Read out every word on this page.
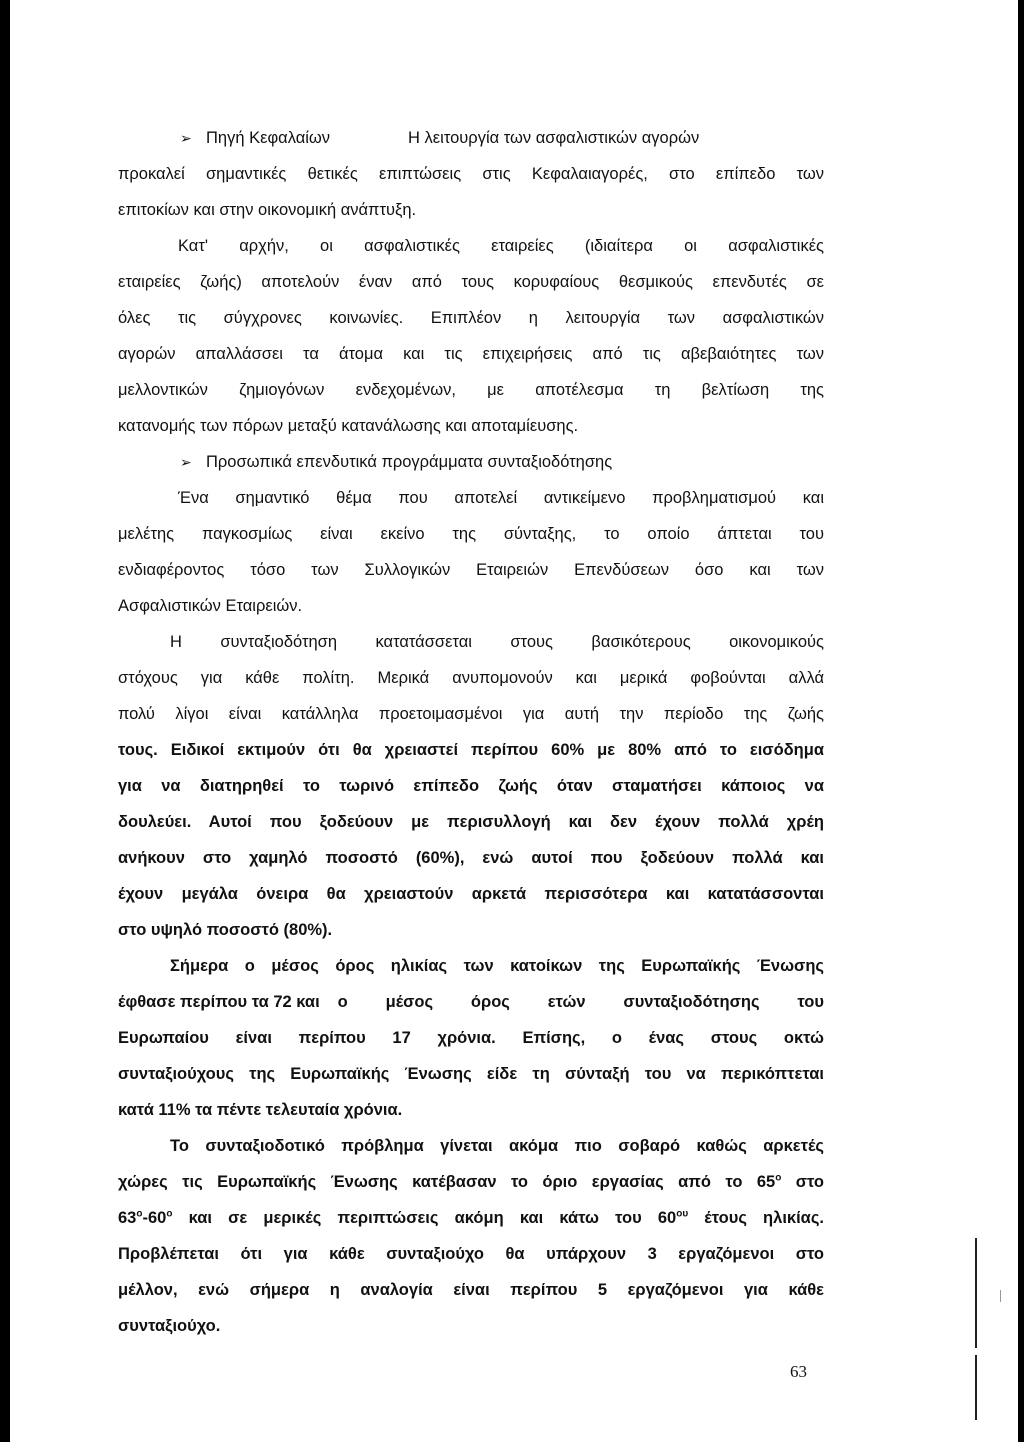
➢ Πηγή Κεφαλαίων	Η λειτουργία των ασφαλιστικών αγορών
προκαλεί σημαντικές θετικές επιπτώσεις στις Κεφαλαιαγορές, στο επίπεδο των
επιτοκίων και στην οικονομική ανάπτυξη.
Κατ' αρχήν, οι ασφαλιστικές εταιρείες (ιδιαίτερα οι ασφαλιστικές
εταιρείες ζωής) αποτελούν έναν από τους κορυφαίους θεσμικούς επενδυτές σε
όλες τις σύγχρονες κοινωνίες. Επιπλέον η λειτουργία των ασφαλιστικών
αγορών απαλλάσσει τα άτομα και τις επιχειρήσεις από τις αβεβαιότητες των
μελλοντικών ζημιογόνων ενδεχομένων, με αποτέλεσμα τη βελτίωση της
κατανομής των πόρων μεταξύ κατανάλωσης και αποταμίευσης.
➢ Προσωπικά επενδυτικά προγράμματα συνταξιοδότησης
Ένα σημαντικό θέμα που αποτελεί αντικείμενο προβληματισμού και
μελέτης παγκοσμίως είναι εκείνο της σύνταξης, το οποίο άπτεται του
ενδιαφέροντος τόσο των Συλλογικών Εταιρειών Επενδύσεων όσο και των
Ασφαλιστικών Εταιρειών.
Η συνταξιοδότηση κατατάσσεται στους βασικότερους οικονομικούς
στόχους για κάθε πολίτη. Μερικά ανυπομονούν και μερικά φοβούνται αλλά
πολύ λίγοι είναι κατάλληλα προετοιμασμένοι για αυτή την περίοδο της ζωής
τους. Ειδικοί εκτιμούν ότι θα χρειαστεί περίπου 60% με 80% από το εισόδημα
για να διατηρηθεί το τωρινό επίπεδο ζωής όταν σταματήσει κάποιος να
δουλεύει. Αυτοί που ξοδεύουν με περισυλλογή και δεν έχουν πολλά χρέη
ανήκουν στο χαμηλό ποσοστό (60%), ενώ αυτοί που ξοδεύουν πολλά και
έχουν μεγάλα όνειρα θα χρειαστούν αρκετά περισσότερα και κατατάσσονται
στο υψηλό ποσοστό (80%).
Σήμερα ο μέσος όρος ηλικίας των κατοίκων της Ευρωπαϊκής Ένωσης
έφθασε περίπου τα 72 και ο μέσος όρος ετών συνταξιοδότησης του
Ευρωπαίου είναι περίπου 17 χρόνια. Επίσης, ο ένας στους οκτώ
συνταξιούχους της Ευρωπαϊκής Ένωσης είδε τη σύνταξή του να περικόπτεται
κατά 11% τα πέντε τελευταία χρόνια.
Το συνταξιοδοτικό πρόβλημα γίνεται ακόμα πιο σοβαρό καθώς αρκετές
χώρες τις Ευρωπαϊκής Ένωσης κατέβασαν το όριο εργασίας από το $65^o$ στο
$63^o-60^o$ και σε μερικές περιπτώσεις ακόμη και κάτω του $60^{o\upsilon}$ έτους ηλικίας.
Προβλέπεται ότι για κάθε συνταξιούχο θα υπάρχουν 3 εργαζόμενοι στο
μέλλον, ενώ σήμερα η αναλογία είναι περίπου 5 εργαζόμενοι για κάθε
συνταξιούχο.
63
